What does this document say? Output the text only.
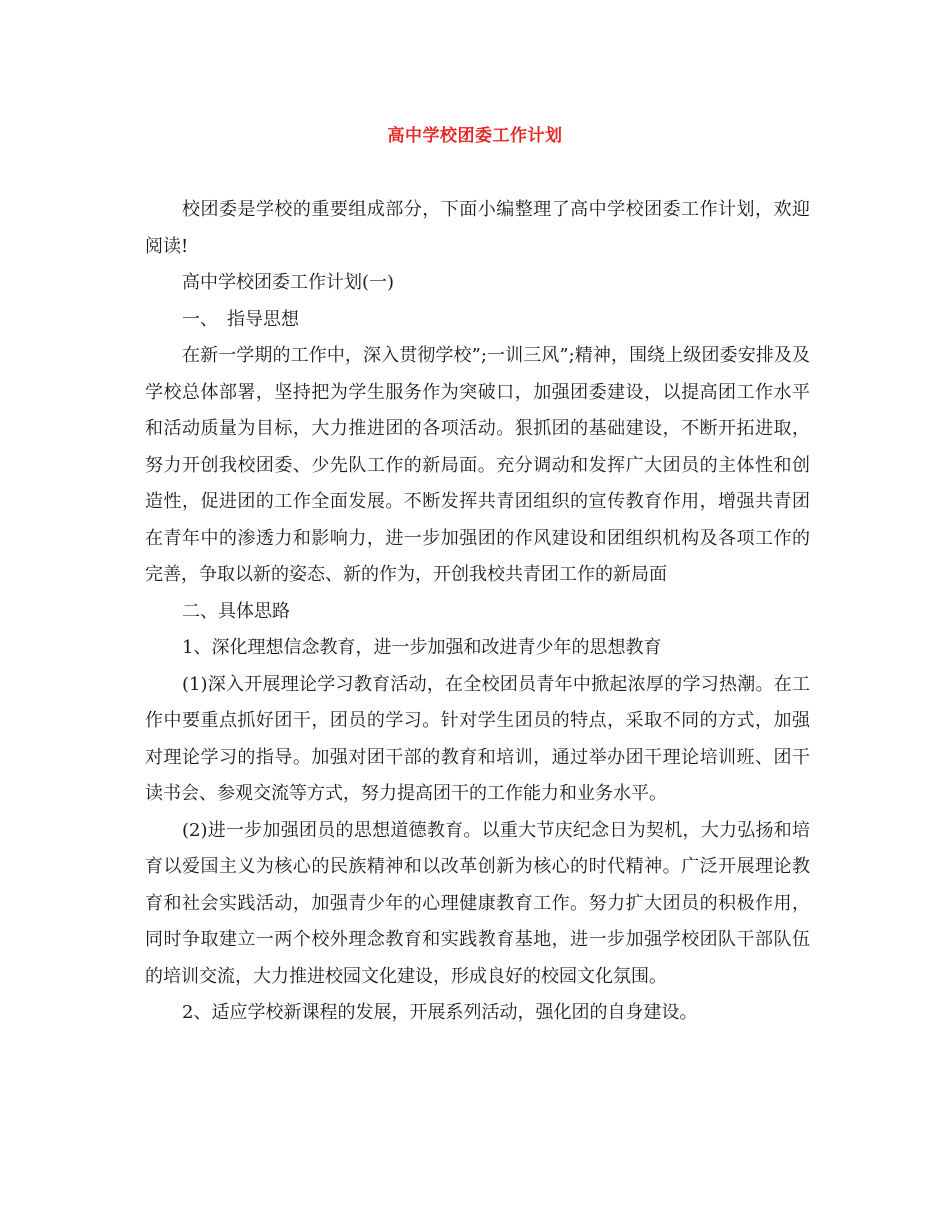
高中学校团委工作计划

校团委是学校的重要组成部分，下面小编整理了高中学校团委工作计划，欢迎阅读!

高中学校团委工作计划(一)

一、　指导思想

在新一学期的工作中，深入贯彻学校”;一训三风”;精神，围绕上级团委安排及及学校总体部署，坚持把为学生服务作为突破口，加强团委建设，以提高团工作水平和活动质量为目标，大力推进团的各项活动。狠抓团的基础建设，不断开拓进取，努力开创我校团委、少先队工作的新局面。充分调动和发挥广大团员的主体性和创造性，促进团的工作全面发展。不断发挥共青团组织的宣传教育作用，增强共青团在青年中的渗透力和影响力，进一步加强团的作风建设和团组织机构及各项工作的完善，争取以新的姿态、新的作为，开创我校共青团工作的新局面

二、具体思路

1、深化理想信念教育，进一步加强和改进青少年的思想教育

(1)深入开展理论学习教育活动，在全校团员青年中掀起浓厚的学习热潮。在工作中要重点抓好团干，团员的学习。针对学生团员的特点，采取不同的方式，加强对理论学习的指导。加强对团干部的教育和培训，通过举办团干理论培训班、团干读书会、参观交流等方式，努力提高团干的工作能力和业务水平。

(2)进一步加强团员的思想道德教育。以重大节庆纪念日为契机，大力弘扬和培育以爱国主义为核心的民族精神和以改革创新为核心的时代精神。广泛开展理论教育和社会实践活动，加强青少年的心理健康教育工作。努力扩大团员的积极作用，同时争取建立一两个校外理念教育和实践教育基地，进一步加强学校团队干部队伍的培训交流，大力推进校园文化建设，形成良好的校园文化氛围。

2、适应学校新课程的发展，开展系列活动，强化团的自身建设。
